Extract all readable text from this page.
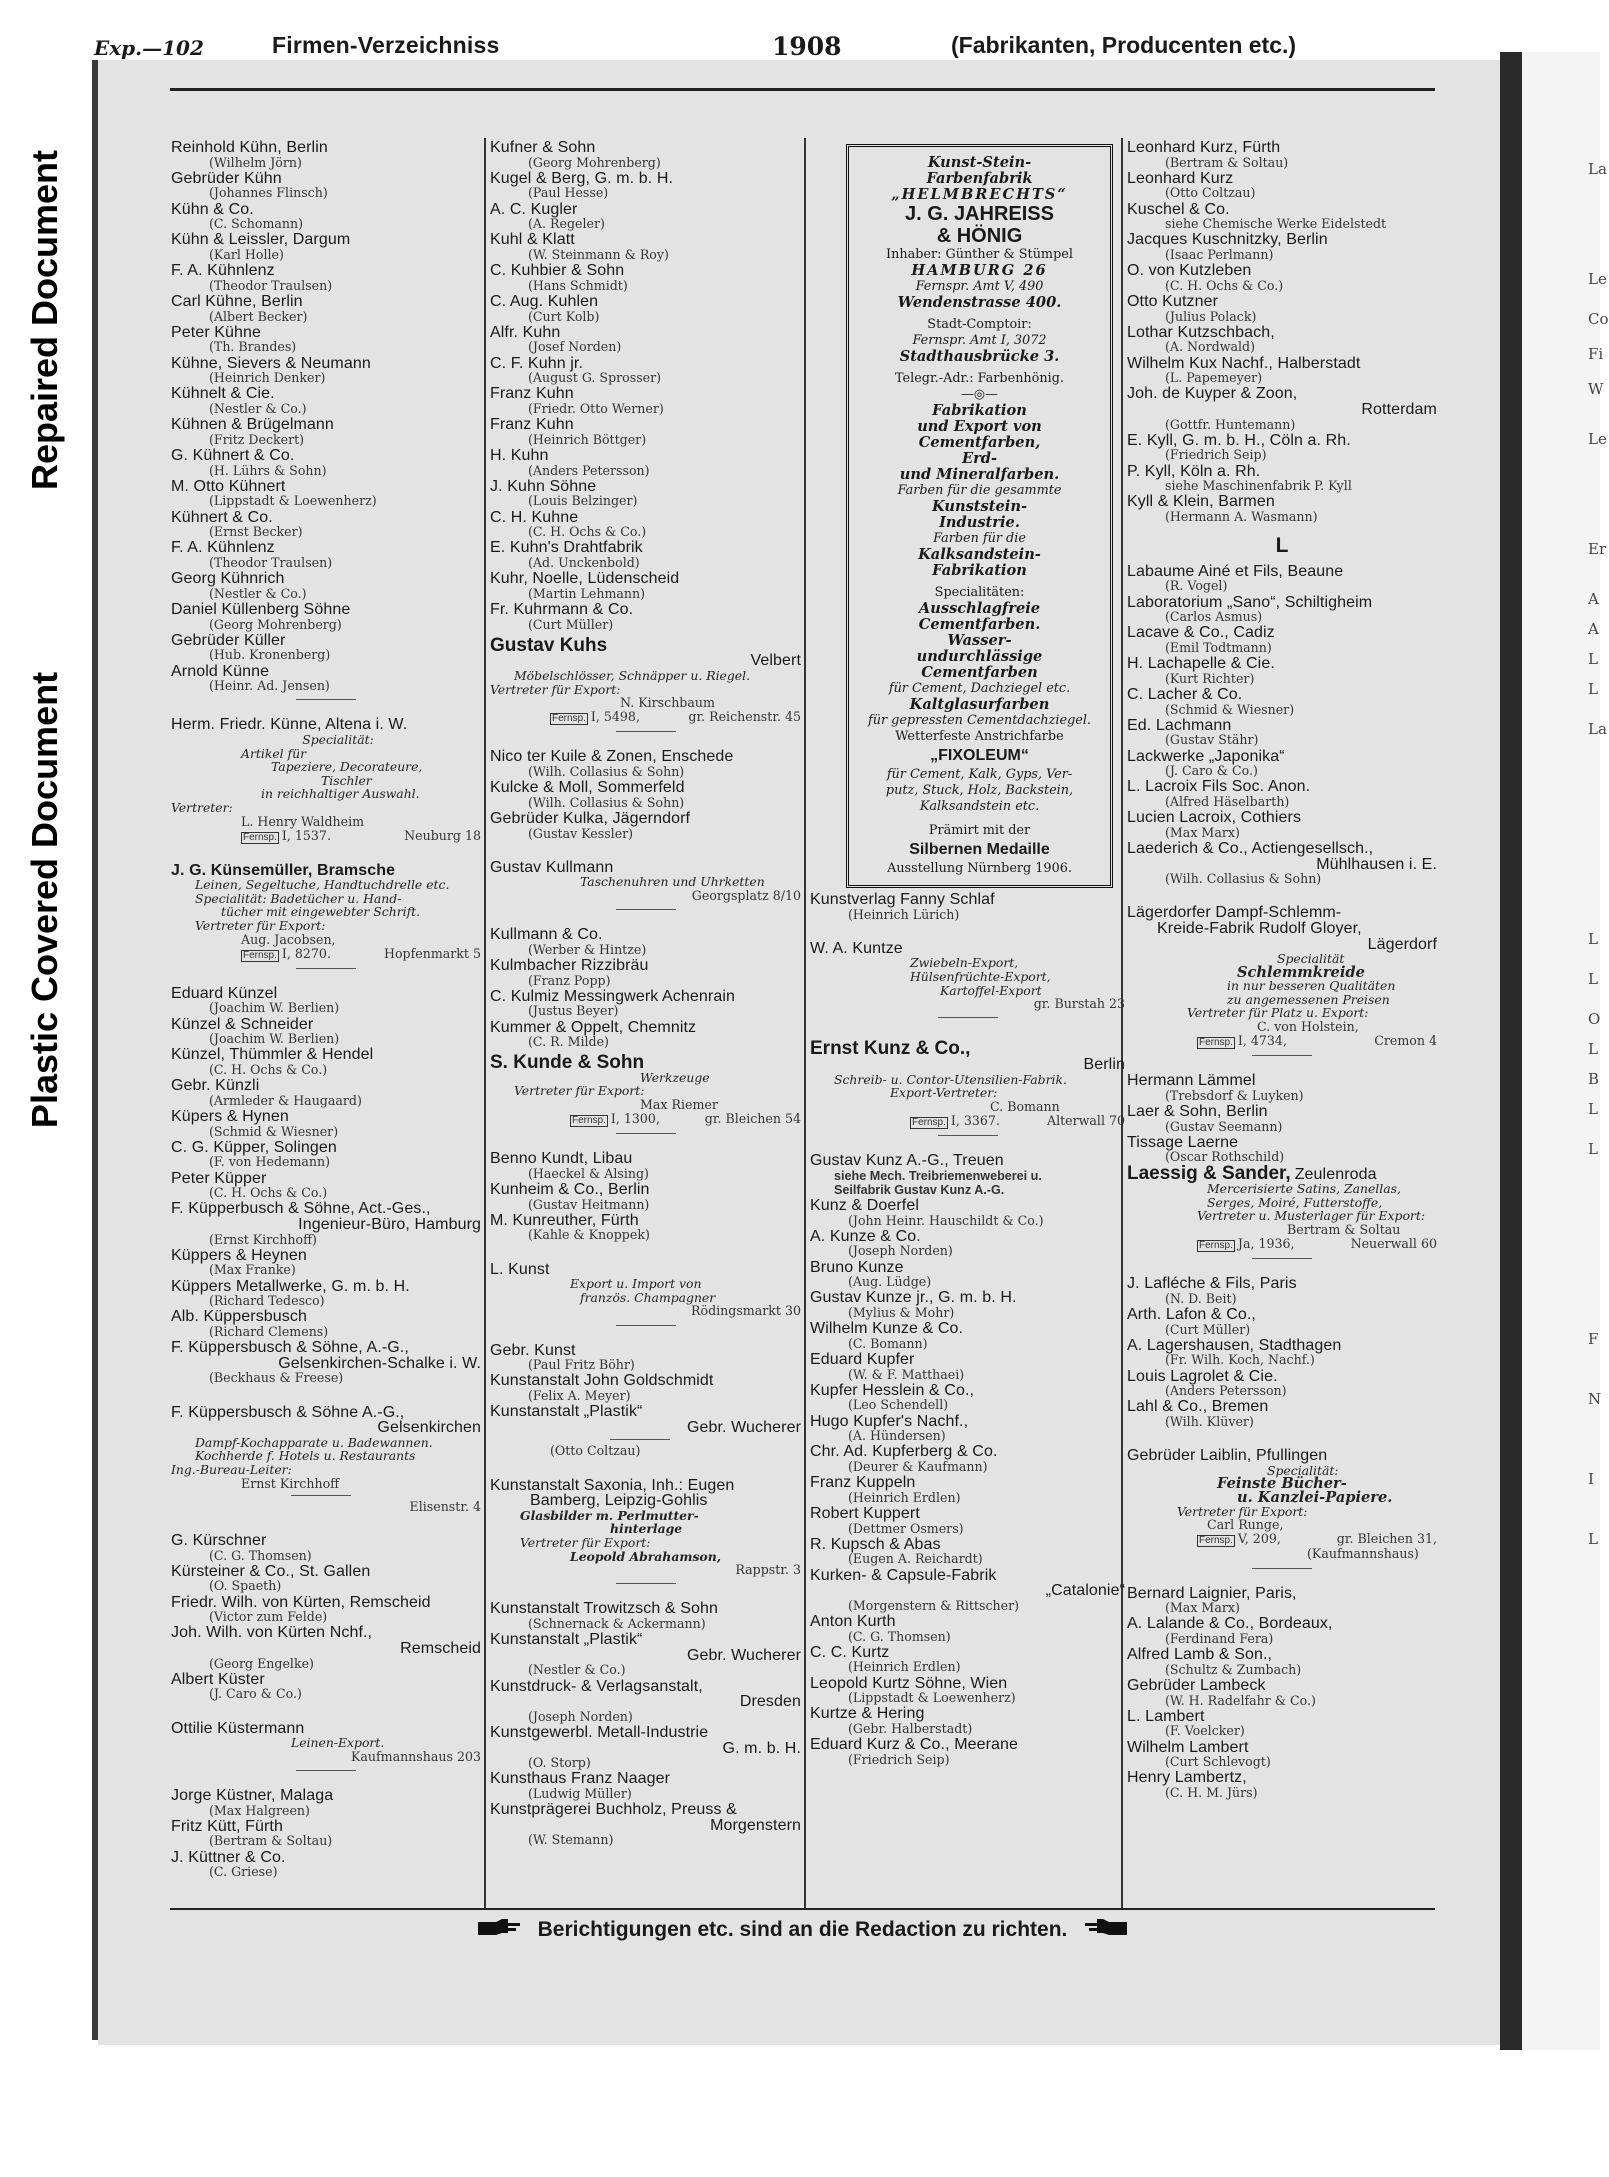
Repaired Document
Plastic Covered Document
La
Le
Co
Fi
W
Le
Er
A
A
L
L
La
L
L
O
L
B
L
L
F
N
I
L
Exp.—102	Firmen-Verzeichniss	1908	(Fabrikanten, Producenten etc.)
Reinhold Kühn, Berlin
(Wilhelm Jörn)
Gebrüder Kühn
(Johannes Flinsch)
Kühn & Co.
(C. Schomann)
Kühn & Leissler, Dargum
(Karl Holle)
F. A. Kühnlenz
(Theodor Traulsen)
Carl Kühne, Berlin
(Albert Becker)
Peter Kühne
(Th. Brandes)
Kühne, Sievers & Neumann
(Heinrich Denker)
Kühnelt & Cie.
(Nestler & Co.)
Kühnen & Brügelmann
(Fritz Deckert)
G. Kühnert & Co.
(H. Lührs & Sohn)
M. Otto Kühnert
(Lippstadt & Loewenherz)
Kühnert & Co.
(Ernst Becker)
F. A. Kühnlenz
(Theodor Traulsen)
Georg Kühnrich
(Nestler & Co.)
Daniel Küllenberg Söhne
(Georg Mohrenberg)
Gebrüder Küller
(Hub. Kronenberg)
Arnold Künne
(Heinr. Ad. Jensen)
Herm. Friedr. Künne, Altena i. W.
Specialität:
Artikel für
Tapeziere, Decorateure,
Tischler
in reichhaltiger Auswahl.
Vertreter:
L. Henry Waldheim
Fernsp. I, 1537.	Neuburg 18
J. G. Künsemüller, Bramsche
Leinen, Segeltuche, Handtuchdrelle etc.
Specialität: Badetücher u. Hand-
tücher mit eingewebter Schrift.
Vertreter für Export:
Aug. Jacobsen,
Fernsp. I, 8270.	Hopfenmarkt 5
Eduard Künzel
(Joachim W. Berlien)
Künzel & Schneider
(Joachim W. Berlien)
Künzel, Thümmler & Hendel
(C. H. Ochs & Co.)
Gebr. Künzli
(Armleder & Haugaard)
Küpers & Hynen
(Schmid & Wiesner)
C. G. Küpper, Solingen
(F. von Hedemann)
Peter Küpper
(C. H. Ochs & Co.)
F. Küpperbusch & Söhne, Act.-Ges.,
Ingenieur-Büro, Hamburg
(Ernst Kirchhoff)
Küppers & Heynen
(Max Franke)
Küppers Metallwerke, G. m. b. H.
(Richard Tedesco)
Alb. Küppersbusch
(Richard Clemens)
F. Küppersbusch & Söhne, A.-G.,
Gelsenkirchen-Schalke i. W.
(Beckhaus & Freese)
F. Küppersbusch & Söhne A.-G.,
Gelsenkirchen
Dampf-Kochapparate u. Badewannen.
Kochherde f. Hotels u. Restaurants
Ing.-Bureau-Leiter:
Ernst Kirchhoff
Elisenstr. 4
G. Kürschner
(C. G. Thomsen)
Kürsteiner & Co., St. Gallen
(O. Spaeth)
Friedr. Wilh. von Kürten, Remscheid
(Victor zum Felde)
Joh. Wilh. von Kürten Nchf.,
Remscheid
(Georg Engelke)
Albert Küster
(J. Caro & Co.)
Ottilie Küstermann
Leinen-Export.
Kaufmannshaus 203
Jorge Küstner, Malaga
(Max Halgreen)
Fritz Kütt, Fürth
(Bertram & Soltau)
J. Küttner & Co.
(C. Griese)
Kufner & Sohn
(Georg Mohrenberg)
Kugel & Berg, G. m. b. H.
(Paul Hesse)
A. C. Kugler
(A. Regeler)
Kuhl & Klatt
(W. Steinmann & Roy)
C. Kuhbier & Sohn
(Hans Schmidt)
C. Aug. Kuhlen
(Curt Kolb)
Alfr. Kuhn
(Josef Norden)
C. F. Kuhn jr.
(August G. Sprosser)
Franz Kuhn
(Friedr. Otto Werner)
Franz Kuhn
(Heinrich Böttger)
H. Kuhn
(Anders Petersson)
J. Kuhn Söhne
(Louis Belzinger)
C. H. Kuhne
(C. H. Ochs & Co.)
E. Kuhn's Drahtfabrik
(Ad. Unckenbold)
Kuhr, Noelle, Lüdenscheid
(Martin Lehmann)
Fr. Kuhrmann & Co.
(Curt Müller)
Gustav Kuhs
Velbert
Möbelschlösser, Schnäpper u. Riegel.
Vertreter für Export:
N. Kirschbaum
Fernsp. I, 5498,	gr. Reichenstr. 45
Nico ter Kuile & Zonen, Enschede
(Wilh. Collasius & Sohn)
Kulcke & Moll, Sommerfeld
(Wilh. Collasius & Sohn)
Gebrüder Kulka, Jägerndorf
(Gustav Kessler)
Gustav Kullmann
Taschenuhren und Uhrketten
Georgsplatz 8/10
Kullmann & Co.
(Werber & Hintze)
Kulmbacher Rizzibräu
(Franz Popp)
C. Kulmiz Messingwerk Achenrain
(Justus Beyer)
Kummer & Oppelt, Chemnitz
(C. R. Milde)
S. Kunde & Sohn
Werkzeuge
Vertreter für Export:
Max Riemer
Fernsp. I, 1300,	gr. Bleichen 54
Benno Kundt, Libau
(Haeckel & Alsing)
Kunheim & Co., Berlin
(Gustav Heitmann)
M. Kunreuther, Fürth
(Kahle & Knoppek)
L. Kunst
Export u. Import von
französ. Champagner
Rödingsmarkt 30
Gebr. Kunst
(Paul Fritz Böhr)
Kunstanstalt John Goldschmidt
(Felix A. Meyer)
Kunstanstalt „Plastik“
Gebr. Wucherer
(Otto Coltzau)
Kunstanstalt Saxonia, Inh.: Eugen
Bamberg, Leipzig-Gohlis
Glasbilder m. Perlmutter-
hinterlage
Vertreter für Export:
Leopold Abrahamson,
Rappstr. 3
Kunstanstalt Trowitzsch & Sohn
(Schnernack & Ackermann)
Kunstanstalt „Plastik“
Gebr. Wucherer
(Nestler & Co.)
Kunstdruck- & Verlagsanstalt,
Dresden
(Joseph Norden)
Kunstgewerbl. Metall-Industrie
G. m. b. H.
(O. Storp)
Kunsthaus Franz Naager
(Ludwig Müller)
Kunstprägerei Buchholz, Preuss &
Morgenstern
(W. Stemann)
Kunst-Stein-
Farbenfabrik
„HELMBRECHTS“
J. G. JAHREISS
& HÖNIG
Inhaber: Günther & Stümpel
HAMBURG 26
Fernspr. Amt V, 490
Wendenstrasse 400.
Stadt-Comptoir:
Fernspr. Amt I, 3072
Stadthausbrücke 3.
Telegr.-Adr.: Farbenhönig.
—◎—
Fabrikation
und Export von
Cementfarben,
Erd-
und Mineralfarben.
Farben für die gesammte
Kunststein-
Industrie.
Farben für die
Kalksandstein-
Fabrikation
Specialitäten:
Ausschlagfreie
Cementfarben.
Wasser-
undurchlässige
Cementfarben
für Cement, Dachziegel etc.
Kaltglasurfarben
für gepressten Cementdachziegel.
Wetterfeste Anstrichfarbe
„FIXOLEUM“
für Cement, Kalk, Gyps, Ver-
putz, Stuck, Holz, Backstein,
Kalksandstein etc.
Prämirt mit der
Silbernen Medaille
Ausstellung Nürnberg 1906.
Kunstverlag Fanny Schlaf
(Heinrich Lürich)
W. A. Kuntze
Zwiebeln-Export,
Hülsenfrüchte-Export,
Kartoffel-Export
gr. Burstah 23
Ernst Kunz & Co.,
Berlin
Schreib- u. Contor-Utensilien-Fabrik.
Export-Vertreter:
C. Bomann
Fernsp. I, 3367.	Alterwall 70
Gustav Kunz A.-G., Treuen
siehe Mech. Treibriemenweberei u.
Seilfabrik Gustav Kunz A.-G.
Kunz & Doerfel
(John Heinr. Hauschildt & Co.)
A. Kunze & Co.
(Joseph Norden)
Bruno Kunze
(Aug. Lüdge)
Gustav Kunze jr., G. m. b. H.
(Mylius & Mohr)
Wilhelm Kunze & Co.
(C. Bomann)
Eduard Kupfer
(W. & F. Matthaei)
Kupfer Hesslein & Co.,
(Leo Schendell)
Hugo Kupfer's Nachf.,
(A. Hündersen)
Chr. Ad. Kupferberg & Co.
(Deurer & Kaufmann)
Franz Kuppeln
(Heinrich Erdlen)
Robert Kuppert
(Dettmer Osmers)
R. Kupsch & Abas
(Eugen A. Reichardt)
Kurken- & Capsule-Fabrik
„Catalonie“
(Morgenstern & Rittscher)
Anton Kurth
(C. G. Thomsen)
C. C. Kurtz
(Heinrich Erdlen)
Leopold Kurtz Söhne, Wien
(Lippstadt & Loewenherz)
Kurtze & Hering
(Gebr. Halberstadt)
Eduard Kurz & Co., Meerane
(Friedrich Seip)
Leonhard Kurz, Fürth
(Bertram & Soltau)
Leonhard Kurz
(Otto Coltzau)
Kuschel & Co.
siehe Chemische Werke Eidelstedt
Jacques Kuschnitzky, Berlin
(Isaac Perlmann)
O. von Kutzleben
(C. H. Ochs & Co.)
Otto Kutzner
(Julius Polack)
Lothar Kutzschbach,
(A. Nordwald)
Wilhelm Kux Nachf., Halberstadt
(L. Papemeyer)
Joh. de Kuyper & Zoon,
Rotterdam
(Gottfr. Huntemann)
E. Kyll, G. m. b. H., Cöln a. Rh.
(Friedrich Seip)
P. Kyll, Köln a. Rh.
siehe Maschinenfabrik P. Kyll
Kyll & Klein, Barmen
(Hermann A. Wasmann)
L
Labaume Ainé et Fils, Beaune
(R. Vogel)
Laboratorium „Sano“, Schiltigheim
(Carlos Asmus)
Lacave & Co., Cadiz
(Emil Todtmann)
H. Lachapelle & Cie.
(Kurt Richter)
C. Lacher & Co.
(Schmid & Wiesner)
Ed. Lachmann
(Gustav Stähr)
Lackwerke „Japonika“
(J. Caro & Co.)
L. Lacroix Fils Soc. Anon.
(Alfred Häselbarth)
Lucien Lacroix, Cothiers
(Max Marx)
Laederich & Co., Actiengesellsch.,
Mühlhausen i. E.
(Wilh. Collasius & Sohn)
Lägerdorfer Dampf-Schlemm-
Kreide-Fabrik Rudolf Gloyer,
Lägerdorf
Specialität
Schlemmkreide
in nur besseren Qualitäten
zu angemessenen Preisen
Vertreter für Platz u. Export:
C. von Holstein,
Fernsp. I, 4734,	Cremon 4
Hermann Lämmel
(Trebsdorf & Luyken)
Laer & Sohn, Berlin
(Gustav Seemann)
Tissage Laerne
(Oscar Rothschild)
Laessig & Sander, Zeulenroda
Mercerisierte Satins, Zanellas,
Serges, Moiré, Futterstoffe,
Vertreter u. Musterlager für Export:
Bertram & Soltau
Fernsp. Ja, 1936,	Neuerwall 60
J. Lafléche & Fils, Paris
(N. D. Beit)
Arth. Lafon & Co.,
(Curt Müller)
A. Lagershausen, Stadthagen
(Fr. Wilh. Koch, Nachf.)
Louis Lagrolet & Cie.
(Anders Petersson)
Lahl & Co., Bremen
(Wilh. Klüver)
Gebrüder Laiblin, Pfullingen
Specialität:
Feinste Bücher-
u. Kanzlei-Papiere.
Vertreter für Export:
Carl Runge,
Fernsp. V, 209,	gr. Bleichen 31,
(Kaufmannshaus)
Bernard Laignier, Paris,
(Max Marx)
A. Lalande & Co., Bordeaux,
(Ferdinand Fera)
Alfred Lamb & Son.,
(Schultz & Zumbach)
Gebrüder Lambeck
(W. H. Radelfahr & Co.)
L. Lambert
(F. Voelcker)
Wilhelm Lambert
(Curt Schlevogt)
Henry Lambertz,
(C. H. M. Jürs)
Berichtigungen etc. sind an die Redaction zu richten.
